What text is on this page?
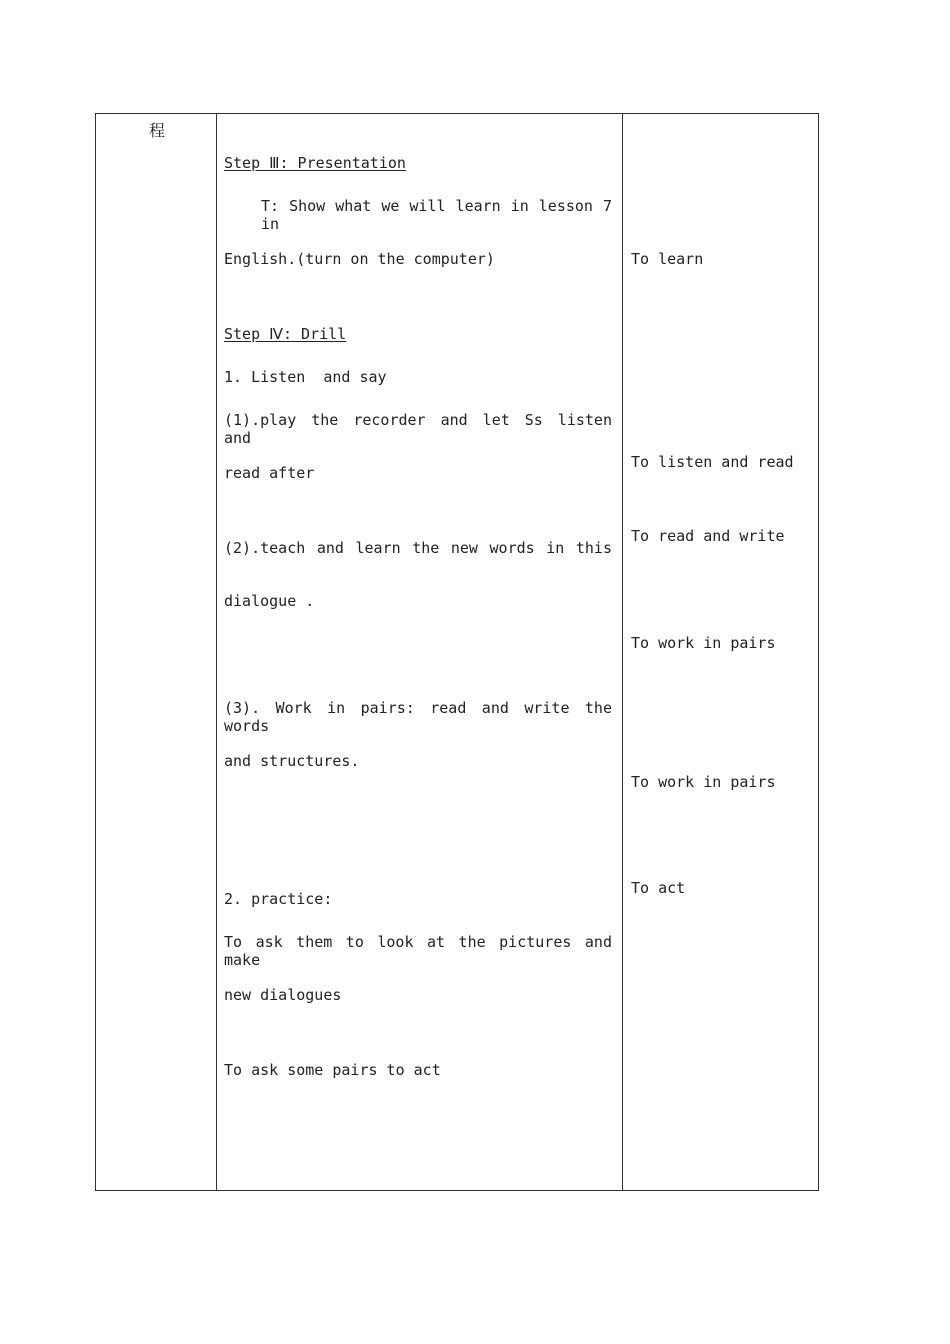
程
Step Ⅲ: Presentation
T: Show what we will learn in lesson 7 in
English.(turn on the computer)
Step Ⅳ: Drill
1. Listen  and say
(1).play the recorder and let Ss listen and
read after
(2).teach and learn the new words in this
dialogue .
(3). Work in pairs: read and write the words
and structures.
2. practice:
To ask them to look at the pictures and make
new dialogues
To ask some pairs to act
To learn
To listen and read
To read and write
To work in pairs
To work in pairs
To act
